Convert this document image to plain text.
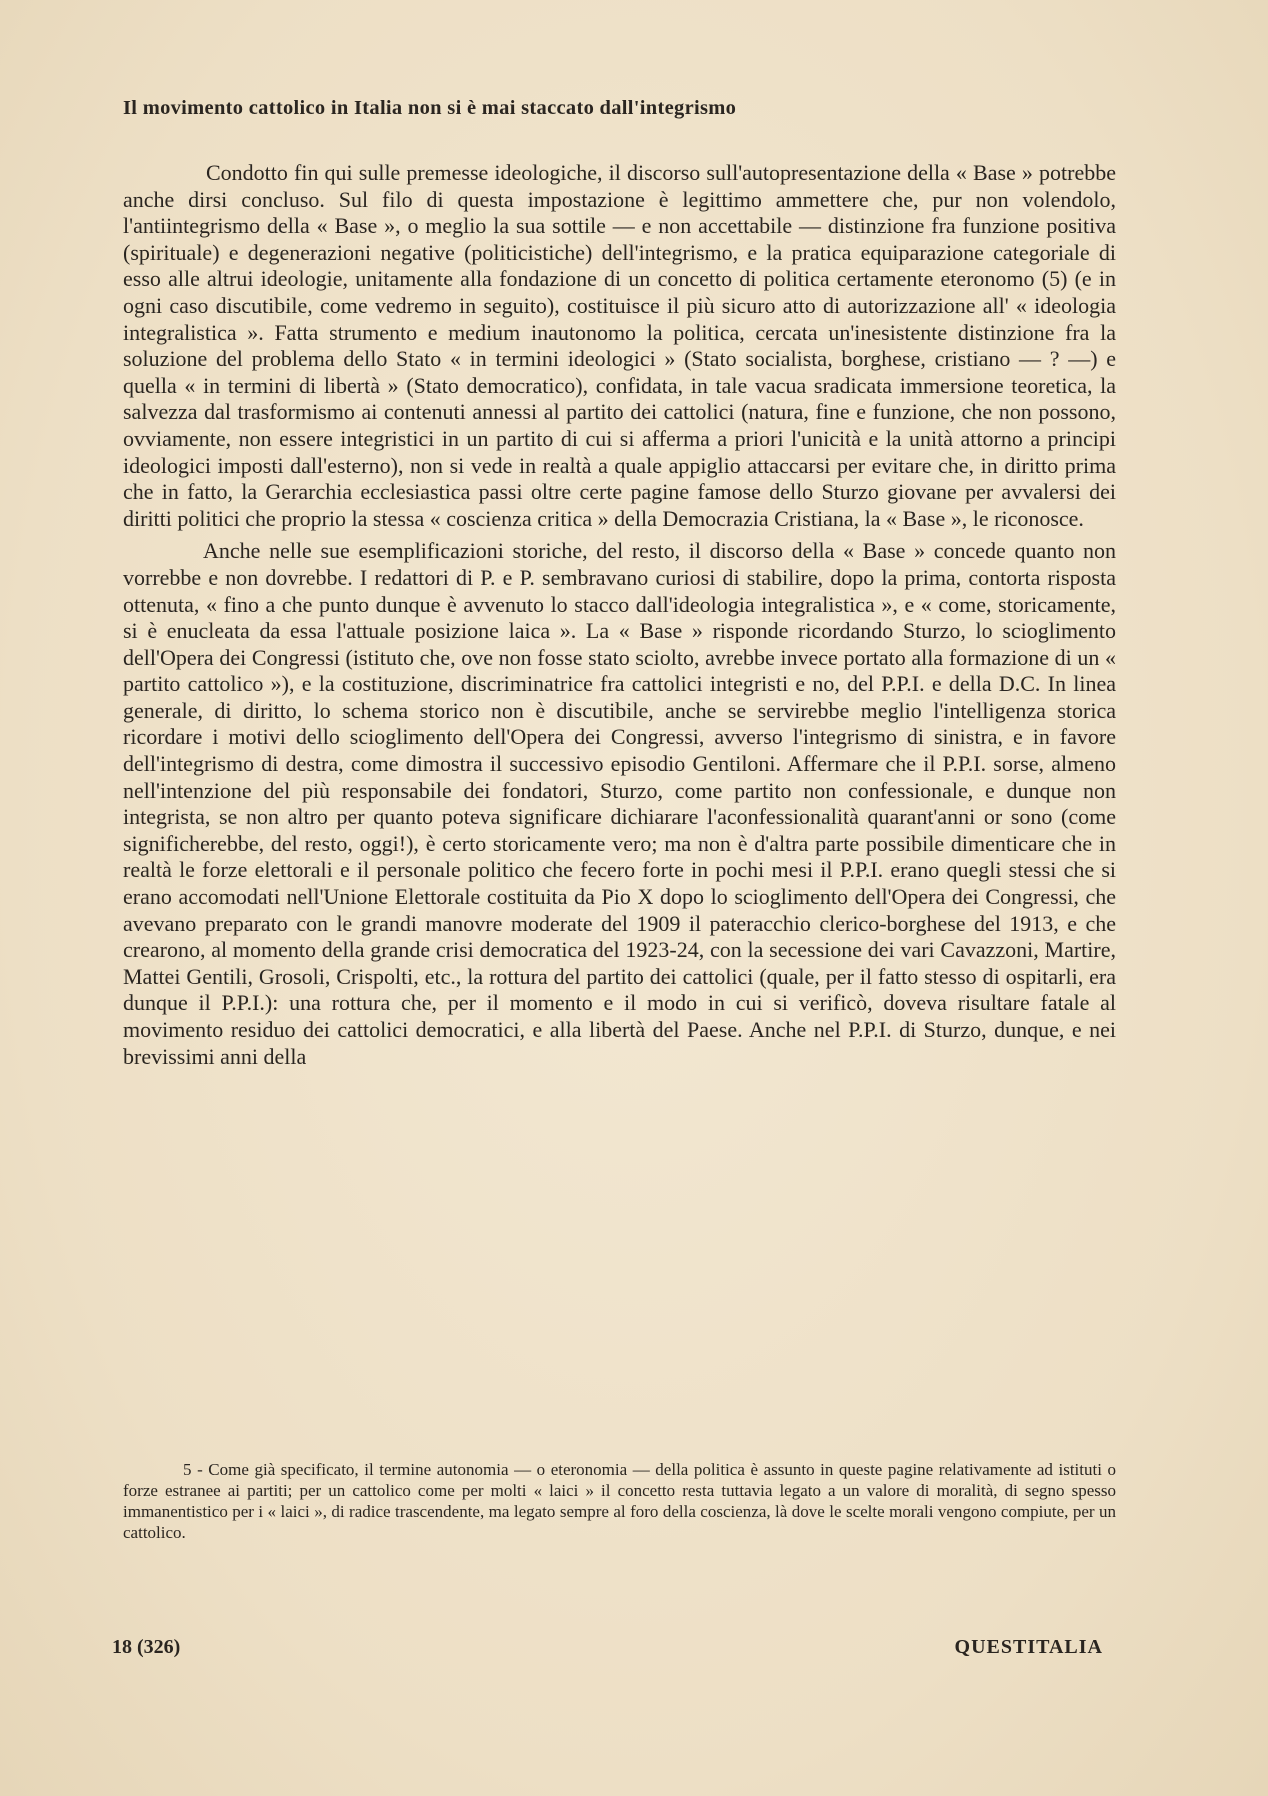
Il movimento cattolico in Italia non si è mai staccato dall'integrismo

Condotto fin qui sulle premesse ideologiche, il discorso sull'autopresentazione della « Base » potrebbe anche dirsi concluso. Sul filo di questa impostazione è legittimo ammettere che, pur non volendolo, l'antiintegrismo della « Base », o meglio la sua sottile — e non accettabile — distinzione fra funzione positiva (spirituale) e degenerazioni negative (politicistiche) dell'integrismo, e la pratica equiparazione categoriale di esso alle altrui ideologie, unitamente alla fondazione di un concetto di politica certamente eteronomo (5) (e in ogni caso discutibile, come vedremo in seguito), costituisce il più sicuro atto di autorizzazione all' « ideologia integralistica ». Fatta strumento e medium inautonomo la politica, cercata un'inesistente distinzione fra la soluzione del problema dello Stato « in termini ideologici » (Stato socialista, borghese, cristiano — ? —) e quella « in termini di libertà » (Stato democratico), confidata, in tale vacua sradicata immersione teoretica, la salvezza dal trasformismo ai contenuti annessi al partito dei cattolici (natura, fine e funzione, che non possono, ovviamente, non essere integristici in un partito di cui si afferma a priori l'unicità e la unità attorno a principi ideologici imposti dall'esterno), non si vede in realtà a quale appiglio attaccarsi per evitare che, in diritto prima che in fatto, la Gerarchia ecclesiastica passi oltre certe pagine famose dello Sturzo giovane per avvalersi dei diritti politici che proprio la stessa « coscienza critica » della Democrazia Cristiana, la « Base », le riconosce.

Anche nelle sue esemplificazioni storiche, del resto, il discorso della « Base » concede quanto non vorrebbe e non dovrebbe. I redattori di P. e P. sembravano curiosi di stabilire, dopo la prima, contorta risposta ottenuta, « fino a che punto dunque è avvenuto lo stacco dall'ideologia integralistica », e « come, storicamente, si è enucleata da essa l'attuale posizione laica ». La « Base » risponde ricordando Sturzo, lo scioglimento dell'Opera dei Congressi (istituto che, ove non fosse stato sciolto, avrebbe invece portato alla formazione di un « partito cattolico »), e la costituzione, discriminatrice fra cattolici integristi e no, del P.P.I. e della D.C. In linea generale, di diritto, lo schema storico non è discutibile, anche se servirebbe meglio l'intelligenza storica ricordare i motivi dello scioglimento dell'Opera dei Congressi, avverso l'integrismo di sinistra, e in favore dell'integrismo di destra, come dimostra il successivo episodio Gentiloni. Affermare che il P.P.I. sorse, almeno nell'intenzione del più responsabile dei fondatori, Sturzo, come partito non confessionale, e dunque non integrista, se non altro per quanto poteva significare dichiarare l'aconfessionalità quarant'anni or sono (come significherebbe, del resto, oggi!), è certo storicamente vero; ma non è d'altra parte possibile dimenticare che in realtà le forze elettorali e il personale politico che fecero forte in pochi mesi il P.P.I. erano quegli stessi che si erano accomodati nell'Unione Elettorale costituita da Pio X dopo lo scioglimento dell'Opera dei Congressi, che avevano preparato con le grandi manovre moderate del 1909 il pateracchio clerico-borghese del 1913, e che crearono, al momento della grande crisi democratica del 1923-24, con la secessione dei vari Cavazzoni, Martire, Mattei Gentili, Grosoli, Crispolti, etc., la rottura del partito dei cattolici (quale, per il fatto stesso di ospitarli, era dunque il P.P.I.): una rottura che, per il momento e il modo in cui si verificò, doveva risultare fatale al movimento residuo dei cattolici democratici, e alla libertà del Paese. Anche nel P.P.I. di Sturzo, dunque, e nei brevissimi anni della

5 - Come già specificato, il termine autonomia — o eteronomia — della politica è assunto in queste pagine relativamente ad istituti o forze estranee ai partiti; per un cattolico come per molti « laici » il concetto resta tuttavia legato a un valore di moralità, di segno spesso immanentistico per i « laici », di radice trascendente, ma legato sempre al foro della coscienza, là dove le scelte morali vengono compiute, per un cattolico.

18 (326)	QUESTITALIA
